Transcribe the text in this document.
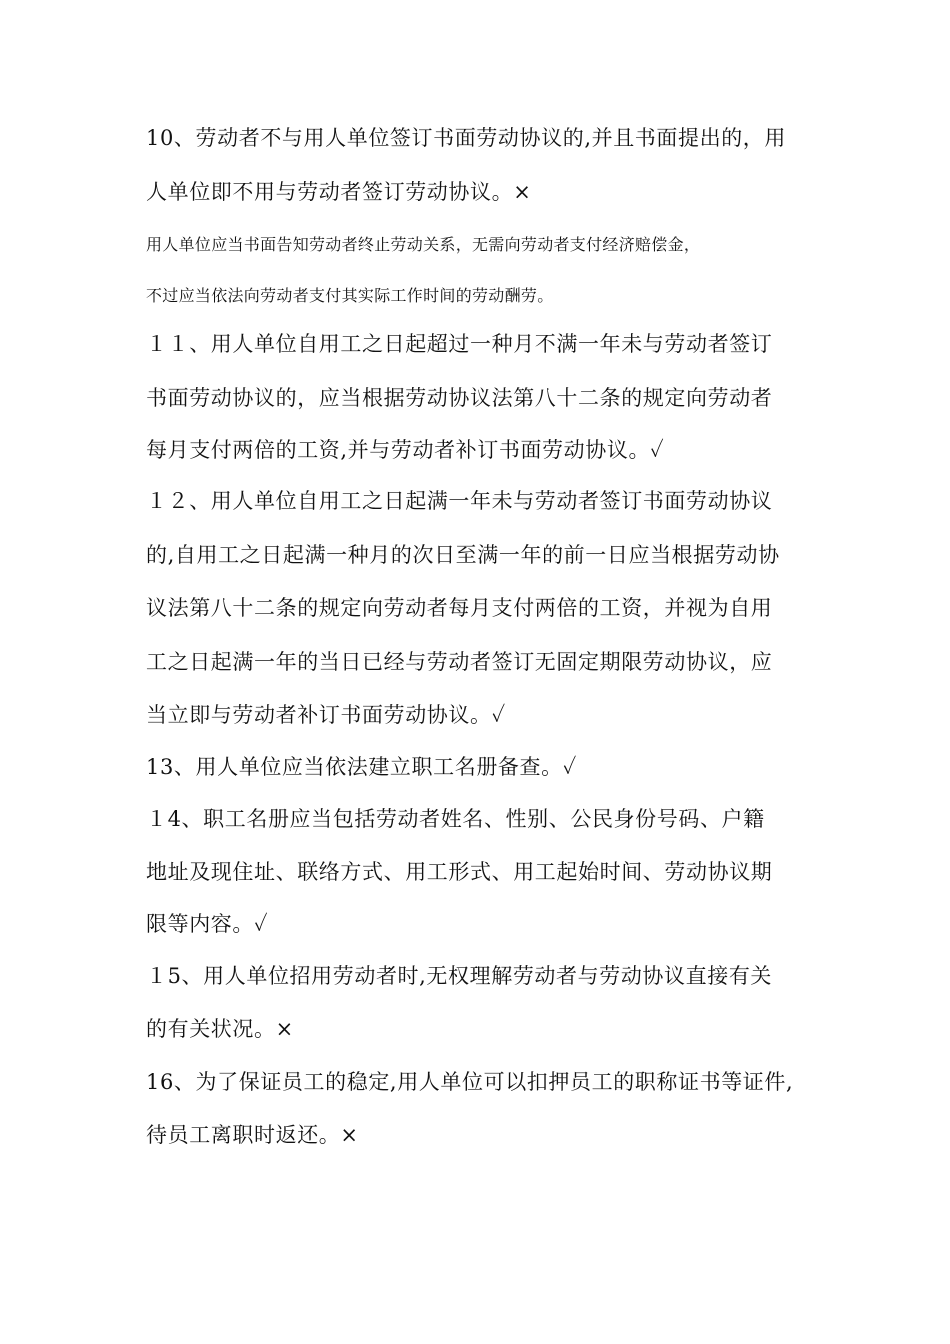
10、劳动者不与用人单位签订书面劳动协议的,并且书面提出的，用
人单位即不用与劳动者签订劳动协议。×
用人单位应当书面告知劳动者终止劳动关系，无需向劳动者支付经济赔偿金，
不过应当依法向劳动者支付其实际工作时间的劳动酬劳。
１１、用人单位自用工之日起超过一种月不满一年未与劳动者签订
书面劳动协议的，应当根据劳动协议法第八十二条的规定向劳动者
每月支付两倍的工资,并与劳动者补订书面劳动协议。✓
１２、用人单位自用工之日起满一年未与劳动者签订书面劳动协议
的,自用工之日起满一种月的次日至满一年的前一日应当根据劳动协
议法第八十二条的规定向劳动者每月支付两倍的工资，并视为自用
工之日起满一年的当日已经与劳动者签订无固定期限劳动协议，应
当立即与劳动者补订书面劳动协议。✓
13、用人单位应当依法建立职工名册备查。✓
１4、职工名册应当包括劳动者姓名、性别、公民身份号码、户籍
地址及现住址、联络方式、用工形式、用工起始时间、劳动协议期
限等内容。✓
１5、用人单位招用劳动者时,无权理解劳动者与劳动协议直接有关
的有关状况。×
16、为了保证员工的稳定,用人单位可以扣押员工的职称证书等证件,
待员工离职时返还。×
